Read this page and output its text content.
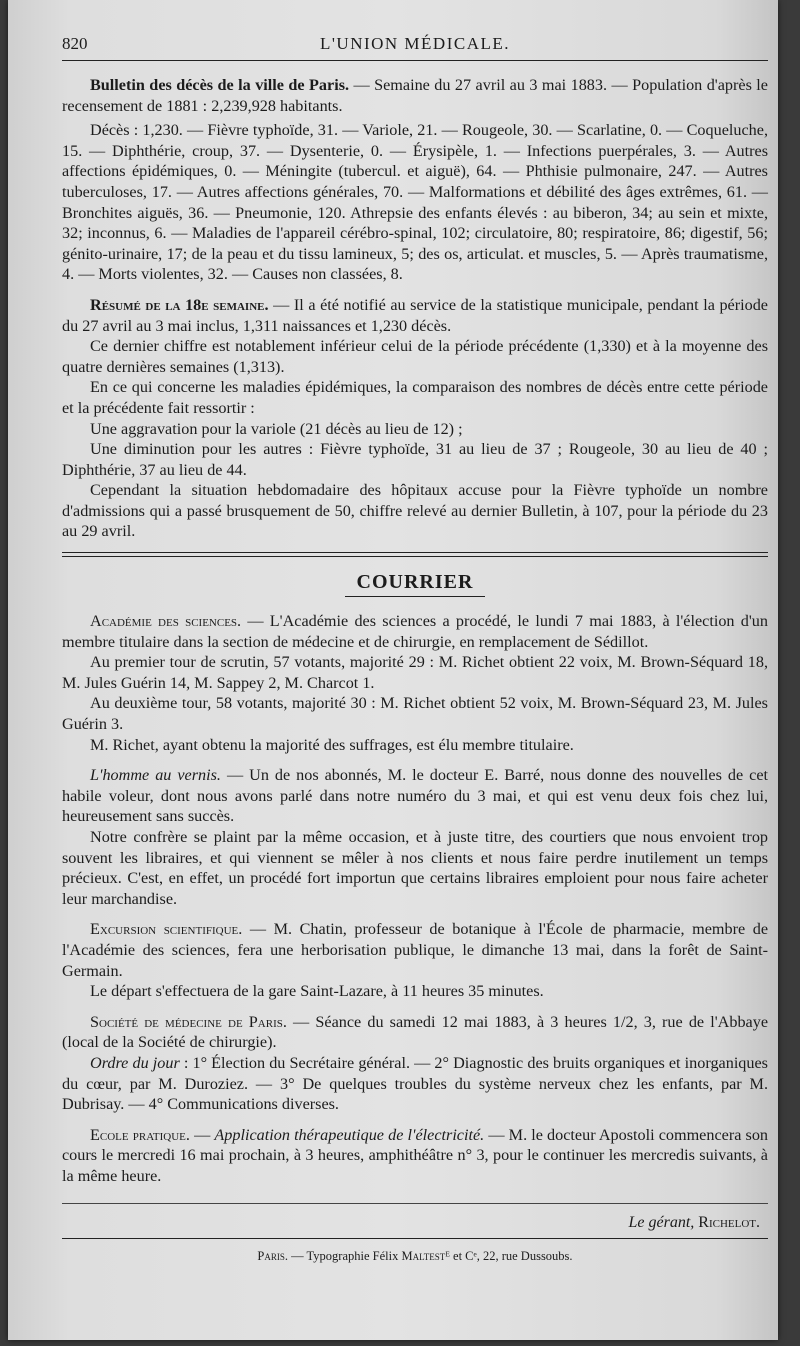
820	L'UNION MÉDICALE.

Bulletin des décès de la ville de Paris. — Semaine du 27 avril au 3 mai 1883. — Population d'après le recensement de 1881 : 2,239,928 habitants.

Décès : 1,230. — Fièvre typhoïde, 31. — Variole, 21. — Rougeole, 30. — Scarlatine, 0. — Coqueluche, 15. — Diphthérie, croup, 37. — Dysenterie, 0. — Érysipèle, 1. — Infections puerpérales, 3. — Autres affections épidémiques, 0. — Méningite (tubercul. et aiguë), 64. — Phthisie pulmonaire, 247. — Autres tuberculoses, 17. — Autres affections générales, 70. — Malformations et débilité des âges extrêmes, 61. — Bronchites aiguës, 36. — Pneumonie, 120. Athrepsie des enfants élevés : au biberon, 34; au sein et mixte, 32; inconnus, 6. — Maladies de l'appareil cérébro-spinal, 102; circulatoire, 80; respiratoire, 86; digestif, 56; génito-urinaire, 17; de la peau et du tissu lamineux, 5; des os, articulat. et muscles, 5. — Après traumatisme, 4. — Morts violentes, 32. — Causes non classées, 8.

Résumé de la 18e semaine. — Il a été notifié au service de la statistique municipale, pendant la période du 27 avril au 3 mai inclus, 1,311 naissances et 1,230 décès.

Ce dernier chiffre est notablement inférieur celui de la période précédente (1,330) et à la moyenne des quatre dernières semaines (1,313).

En ce qui concerne les maladies épidémiques, la comparaison des nombres de décès entre cette période et la précédente fait ressortir :

Une aggravation pour la variole (21 décès au lieu de 12) ;

Une diminution pour les autres : Fièvre typhoïde, 31 au lieu de 37 ; Rougeole, 30 au lieu de 40 ; Diphthérie, 37 au lieu de 44.

Cependant la situation hebdomadaire des hôpitaux accuse pour la Fièvre typhoïde un nombre d'admissions qui a passé brusquement de 50, chiffre relevé au dernier Bulletin, à 107, pour la période du 23 au 29 avril.

COURRIER

Académie des sciences. — L'Académie des sciences a procédé, le lundi 7 mai 1883, à l'élection d'un membre titulaire dans la section de médecine et de chirurgie, en remplacement de Sédillot.

Au premier tour de scrutin, 57 votants, majorité 29 : M. Richet obtient 22 voix, M. Brown-Séquard 18, M. Jules Guérin 14, M. Sappey 2, M. Charcot 1.

Au deuxième tour, 58 votants, majorité 30 : M. Richet obtient 52 voix, M. Brown-Séquard 23, M. Jules Guérin 3.

M. Richet, ayant obtenu la majorité des suffrages, est élu membre titulaire.

L'homme au vernis. — Un de nos abonnés, M. le docteur E. Barré, nous donne des nouvelles de cet habile voleur, dont nous avons parlé dans notre numéro du 3 mai, et qui est venu deux fois chez lui, heureusement sans succès.

Notre confrère se plaint par la même occasion, et à juste titre, des courtiers que nous envoient trop souvent les libraires, et qui viennent se mêler à nos clients et nous faire perdre inutilement un temps précieux. C'est, en effet, un procédé fort importun que certains libraires emploient pour nous faire acheter leur marchandise.

Excursion scientifique. — M. Chatin, professeur de botanique à l'École de pharmacie, membre de l'Académie des sciences, fera une herborisation publique, le dimanche 13 mai, dans la forêt de Saint-Germain.

Le départ s'effectuera de la gare Saint-Lazare, à 11 heures 35 minutes.

Société de médecine de Paris. — Séance du samedi 12 mai 1883, à 3 heures 1/2, 3, rue de l'Abbaye (local de la Société de chirurgie).

Ordre du jour : 1° Élection du Secrétaire général. — 2° Diagnostic des bruits organiques et inorganiques du cœur, par M. Duroziez. — 3° De quelques troubles du système nerveux chez les enfants, par M. Dubrisay. — 4° Communications diverses.

Ecole pratique. — Application thérapeutique de l'électricité. — M. le docteur Apostoli commencera son cours le mercredi 16 mai prochain, à 3 heures, amphithéâtre n° 3, pour le continuer les mercredis suivants, à la même heure.

Le gérant, Richelot.
Paris. — Typographie Félix Maltestᴱ et Cᵉ, 22, rue Dussoubs.
